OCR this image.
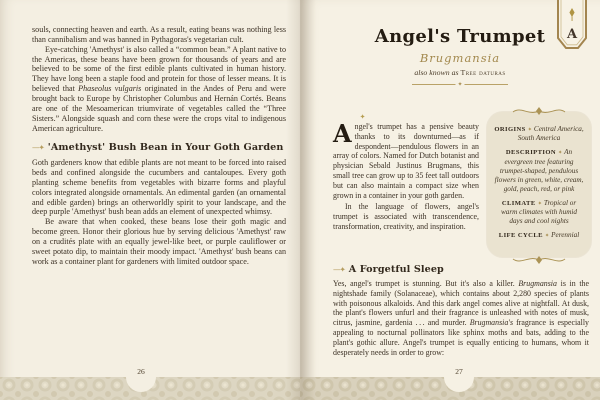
souls, connecting heaven and earth. As a result, eating beans was nothing less than cannibalism and was banned in Pythagoras's vegetarian cult.

Eye-catching 'Amethyst' is also called a “common bean.” A plant native to the Americas, these beans have been grown for thousands of years and are believed to be some of the first edible plants cultivated in human history. They have long been a staple food and protein for those of lesser means. It is believed that Phaseolus vulgaris originated in the Andes of Peru and were brought back to Europe by Christopher Columbus and Hernán Cortés. Beans are one of the Mesoamerican triumvirate of vegetables called the “Three Sisters.” Alongside squash and corn these were the crops vital to indigenous American agriculture.

—✦ 'Amethyst' Bush Bean in Your Goth Garden

Goth gardeners know that edible plants are not meant to be forced into raised beds and confined alongside the cucumbers and cantaloupes. Every goth planting scheme benefits from vegetables with bizarre forms and playful colors integrated alongside ornamentals. An edimental garden (an ornamental and edible garden) brings an otherworldly spirit to your landscape, and the deep purple 'Amethyst' bush bean adds an element of unexpected whimsy.

Be aware that when cooked, these beans lose their goth magic and become green. Honor their glorious hue by serving delicious 'Amethyst' raw on a crudités plate with an equally jewel-like beet, or purple cauliflower or sweet potato dip, to maintain their moody impact. 'Amethyst' bush beans can work as a container plant for gardeners with limited outdoor space.

Angel's Trumpet
Brugmansia
also known as Tree daturas
✦

✦
A ngel's trumpet has a pensive beauty thanks to its downturned—as if despondent—pendulous flowers in an array of colors. Named for Dutch botanist and physician Sebald Justinus Brugmans, this small tree can grow up to 35 feet tall outdoors but can also maintain a compact size when grown in a container in your goth garden.

In the language of flowers, angel's trumpet is associated with transcendence, transformation, creativity, and inspiration.

ORIGINS ✦ Central America, South America

DESCRIPTION ✦ An evergreen tree featuring trumpet-shaped, pendulous flowers in green, white, cream, gold, peach, red, or pink

CLIMATE ✦ Tropical or warm climates with humid days and cool nights

LIFE CYCLE ✦ Perennial

—✦ A Forgetful Sleep

Yes, angel's trumpet is stunning. But it's also a killer. Brugmansia is in the nightshade family (Solanaceae), which contains about 2,280 species of plants with poisonous alkaloids. And this dark angel comes alive at nightfall. At dusk, the plant's flowers unfurl and their fragrance is unleashed with notes of musk, citrus, jasmine, gardenia . . . and murder. Brugmansia's fragrance is especially appealing to nocturnal pollinators like sphinx moths and bats, adding to the plant's gothic allure. Angel's trumpet is equally enticing to humans, whom it desperately needs in order to grow:

A
26	27
